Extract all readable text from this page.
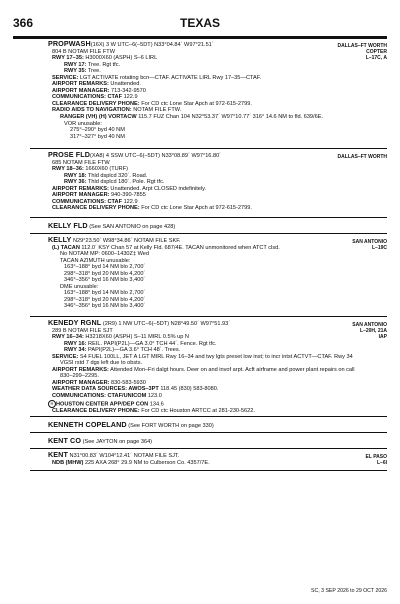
366	TEXAS
PROPWASH(16X) 3 W UTC–6(–5DT) N33°04.84´ W97°21.51´
804 B NOTAM FILE FTW
RWY 17–35: H3000X60 (ASPH) S–6 LIRL
RWY 17: Tree. Rgt tfc.
RWY 35: Tree.
SERVICE: LGT ACTIVATE rotating bcn—CTAF. ACTIVATE LIRL Rwy 17–35—CTAF.
AIRPORT REMARKS: Unattended.
AIRPORT MANAGER: 713-342-9570
COMMUNICATIONS: CTAF 122.9
CLEARANCE DELIVERY PHONE: For CD ctc Lone Star Apch at 972-615-2799.
RADIO AIDS TO NAVIGATION: NOTAM FILE FTW.
RANGER (VH) (H) VORTACW 115.7 FUZ Chan 104 N32°53.37´ W97°10.77´ 316° 14.6 NM to fld. 639/6E.
VOR unusable:
275°–290° byd 40 NM
317°–327° byd 40 NM
DALLAS–FT WORTH
COPTER
L–17C, A
PROSE FLD(XA8) 4 SSW UTC–6(–5DT) N33°08.89´ W97°16.80´
685 NOTAM FILE FTW
RWY 18–36: 1660X60 (TURF)
RWY 18: Thld dsplcd 320´. Road.
RWY 36: Thld dsplcd 180´. Pole. Rgt tfc.
AIRPORT REMARKS: Unattended. Arpt CLOSED indefinitely.
AIRPORT MANAGER: 940-390-7855
COMMUNICATIONS: CTAF 122.9
CLEARANCE DELIVERY PHONE: For CD ctc Lone Star Apch at 972-615-2799.
DALLAS–FT WORTH
KELLY FLD (See SAN ANTONIO on page 428)
KELLY N29°23.50´ W98°34.86´ NOTAM FILE SKF.
(L) TACAN 112.0´ KSY Chan 57 at Kelly Fld. 687/4E. TACAN unmonitored when ATCT clsd.
No NOTAM MP: 0600–1430Z‡ Wed
TACAN AZIMUTH unusable:
163°–188° byd 14 NM blo 2,700´
298°–318° byd 20 NM blo 4,200´
346°–356° byd 16 NM blo 3,400´
DME unusable:
163°–188° byd 14 NM blo 2,700´
298°–318° byd 20 NM blo 4,200´
346°–356° byd 16 NM blo 3,400´
SAN ANTONIO
L–19C
KENEDY RGNL (2R9) 1 NW UTC–6(–5DT) N28°49.50´ W97°51.93´
289 B NOTAM FILE SJT
RWY 16–34: H3218X60 (ASPH) S–11 MIRL 0.5% up N
RWY 16: REIL. PAPI(P2L)—GA 3.0° TCH 44´. Fence. Rgt tfc.
RWY 34: PAPI(P2L)—GA 3.6° TCH 48´. Trees.
SERVICE: S4 FUEL 100LL, JET A LGT MIRL Rwy 16–34 and twy lgts preset low inst; to incr intst ACTVT—CTAF. Rwy 34
VGSI rstd 7 dgs left due to obsts.
AIRPORT REMARKS: Attended Mon–Fri dalgt hours. Deer on and invof arpt. Acft airframe and power plant repairs on call
830–299–2295.
AIRPORT MANAGER: 830-583-5930
WEATHER DATA SOURCES: AWOS–3PT 118.45 (830) 583-8080.
COMMUNICATIONS: CTAF/UNICOM 123.0
R HOUSTON CENTER APP/DEP CON 134.6
CLEARANCE DELIVERY PHONE: For CD ctc Houston ARTCC at 281-230-5622.
SAN ANTONIO
L–20H, 21A
IAP
KENNETH COPELAND (See FORT WORTH on page 330)
KENT CO (See JAYTON on page 364)
KENT N31°00.83´ W104°12.41´ NOTAM FILE SJT.
NDB (MHW) 225 AXA 268° 29.9 NM to Culberson Co. 4357/7E.
EL PASO
L–6I
SC, 3 SEP 2026 to 29 OCT 2026
